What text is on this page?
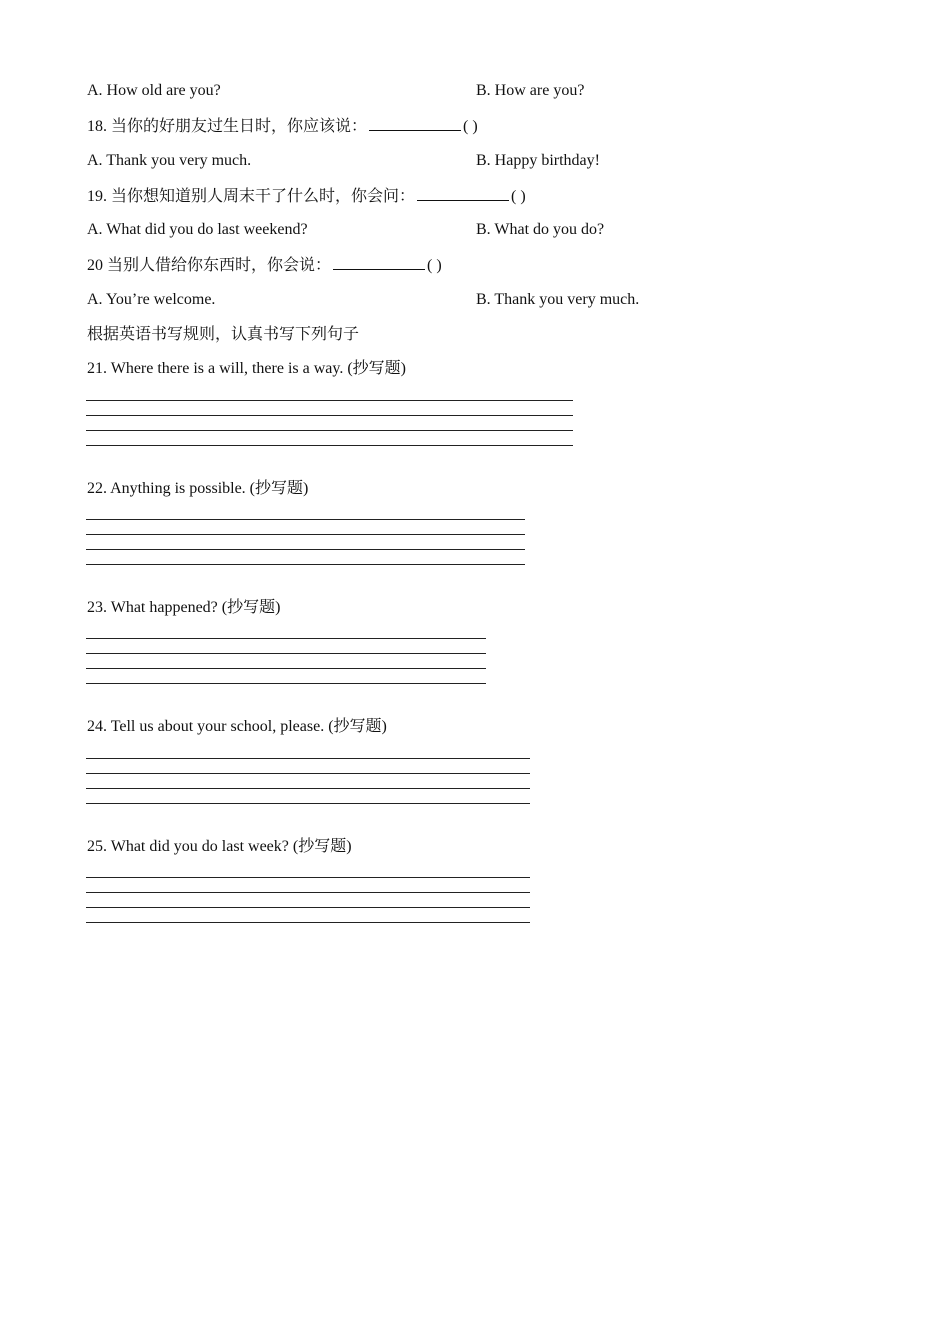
A. How old are you?	B. How are you?
18. 当你的好朋友过生日时，你应该说：	( )
A. Thank you very much.	B. Happy birthday!
19. 当你想知道别人周末干了什么时，你会问：	( )
A. What did you do last weekend?	B. What do you do?
20 当别人借给你东西时，你会说：	( )
A. You’re welcome.	B. Thank you very much.
根据英语书写规则，认真书写下列句子
21. Where there is a will, there is a way. (抄写题)
22. Anything is possible. (抄写题)
23. What happened? (抄写题)
24. Tell us about your school, please. (抄写题)
25. What did you do last week? (抄写题)
